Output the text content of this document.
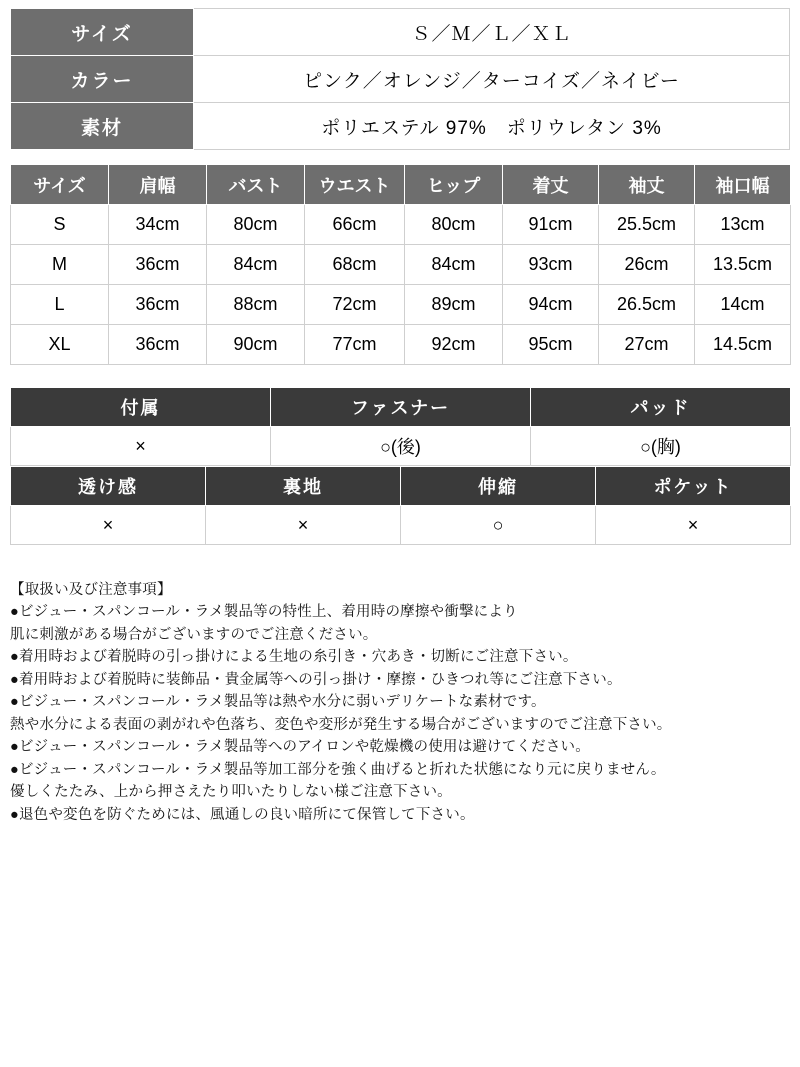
サイズ	Ｓ／Ｍ／Ｌ／ＸＬ
カラー	ピンク／オレンジ／ターコイズ／ネイビー
素材	ポリエステル 97%　ポリウレタン 3%
サイズ	肩幅	バスト	ウエスト	ヒップ	着丈	袖丈	袖口幅
S	34cm	80cm	66cm	80cm	91cm	25.5cm	13cm
M	36cm	84cm	68cm	84cm	93cm	26cm	13.5cm
L	36cm	88cm	72cm	89cm	94cm	26.5cm	14cm
XL	36cm	90cm	77cm	92cm	95cm	27cm	14.5cm
付属	ファスナー	パッド
×	○(後)	○(胸)
透け感	裏地	伸縮	ポケット
×	×	○	×
【取扱い及び注意事項】
●ビジュー・スパンコール・ラメ製品等の特性上、着用時の摩擦や衝撃により
肌に刺激がある場合がございますのでご注意ください。
●着用時および着脱時の引っ掛けによる生地の糸引き・穴あき・切断にご注意下さい。
●着用時および着脱時に装飾品・貴金属等への引っ掛け・摩擦・ひきつれ等にご注意下さい。
●ビジュー・スパンコール・ラメ製品等は熱や水分に弱いデリケートな素材です。
熱や水分による表面の剥がれや色落ち、変色や変形が発生する場合がございますのでご注意下さい。
●ビジュー・スパンコール・ラメ製品等へのアイロンや乾燥機の使用は避けてください。
●ビジュー・スパンコール・ラメ製品等加工部分を強く曲げると折れた状態になり元に戻りません。
優しくたたみ、上から押さえたり叩いたりしない様ご注意下さい。
●退色や変色を防ぐためには、風通しの良い暗所にて保管して下さい。
